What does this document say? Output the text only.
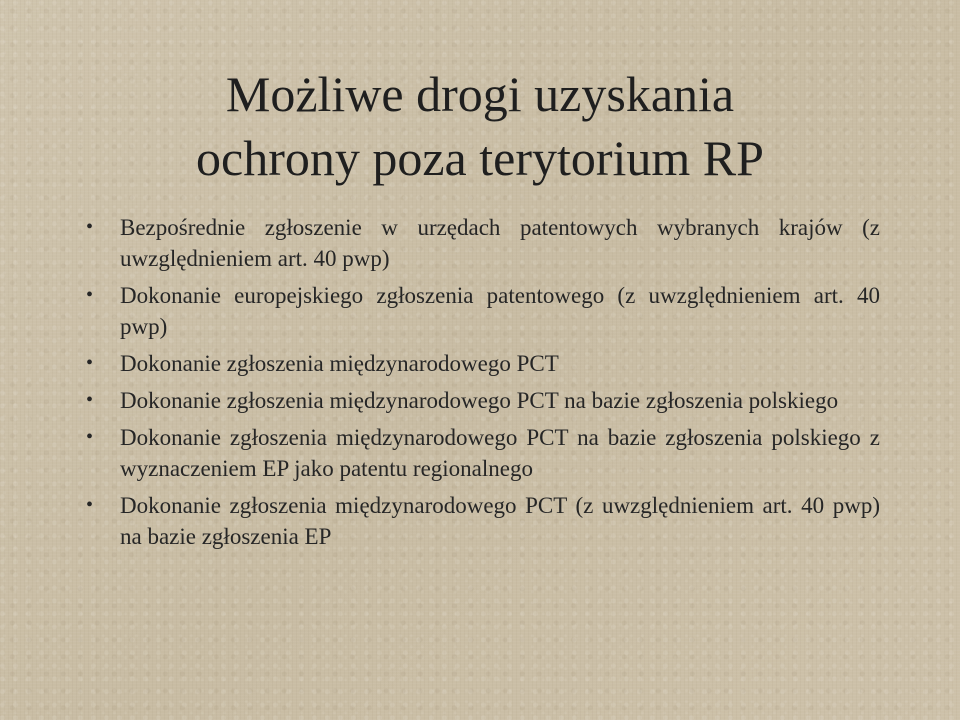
Możliwe drogi uzyskania
ochrony poza terytorium RP
• Bezpośrednie zgłoszenie w urzędach patentowych wybranych krajów (z uwzględnieniem art. 40 pwp)
• Dokonanie europejskiego zgłoszenia patentowego (z uwzględnieniem art. 40 pwp)
• Dokonanie zgłoszenia międzynarodowego PCT
• Dokonanie zgłoszenia międzynarodowego PCT na bazie zgłoszenia polskiego
• Dokonanie zgłoszenia międzynarodowego PCT na bazie zgłoszenia polskiego z wyznaczeniem EP jako patentu regionalnego
• Dokonanie zgłoszenia międzynarodowego PCT (z uwzględnieniem art. 40 pwp) na bazie zgłoszenia EP
